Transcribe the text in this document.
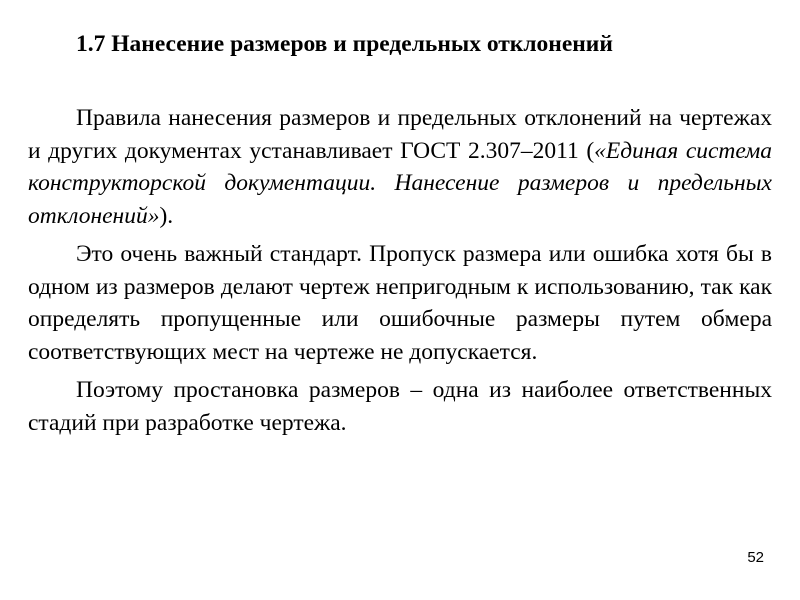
1.7 Нанесение размеров и предельных отклонений

Правила нанесения размеров и предельных отклонений на чертежах и других документах устанавливает ГОСТ 2.307–2011 («Единая система конструкторской документации. Нанесение размеров и предельных отклонений»).

Это очень важный стандарт. Пропуск размера или ошибка хотя бы в одном из размеров делают чертеж непригодным к использованию, так как определять пропущенные или ошибочные размеры путем обмера соответствующих мест на чертеже не допускается.

Поэтому простановка размеров – одна из наиболее ответственных стадий при разработке чертежа.

52
